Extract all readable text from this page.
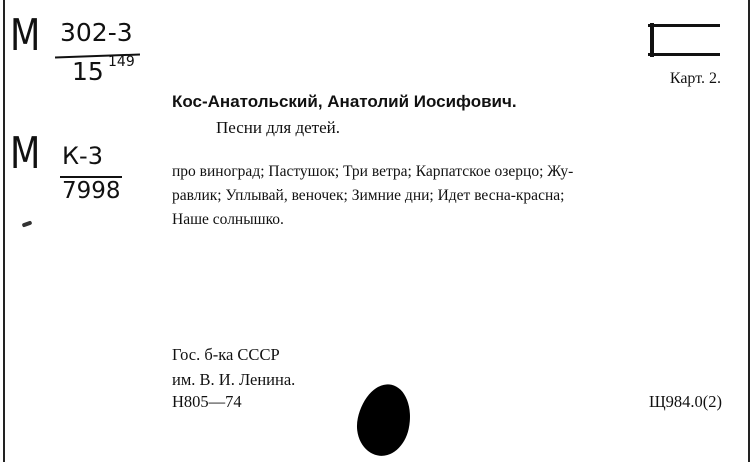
М 302-3
15 149
М К-3
7998
Карт. 2.
Кос-Анатольский, Анатолий Иосифович.
Песни для детей.
про виноград; Пастушок; Три ветра; Карпатское озерцо; Жу-
равлик; Уплывай, веночек; Зимние дни; Идет весна-красна;
Наше солнышко.
Гос. б-ка СССР
им. В. И. Ленина.
Н805—74	Щ984.0(2)
